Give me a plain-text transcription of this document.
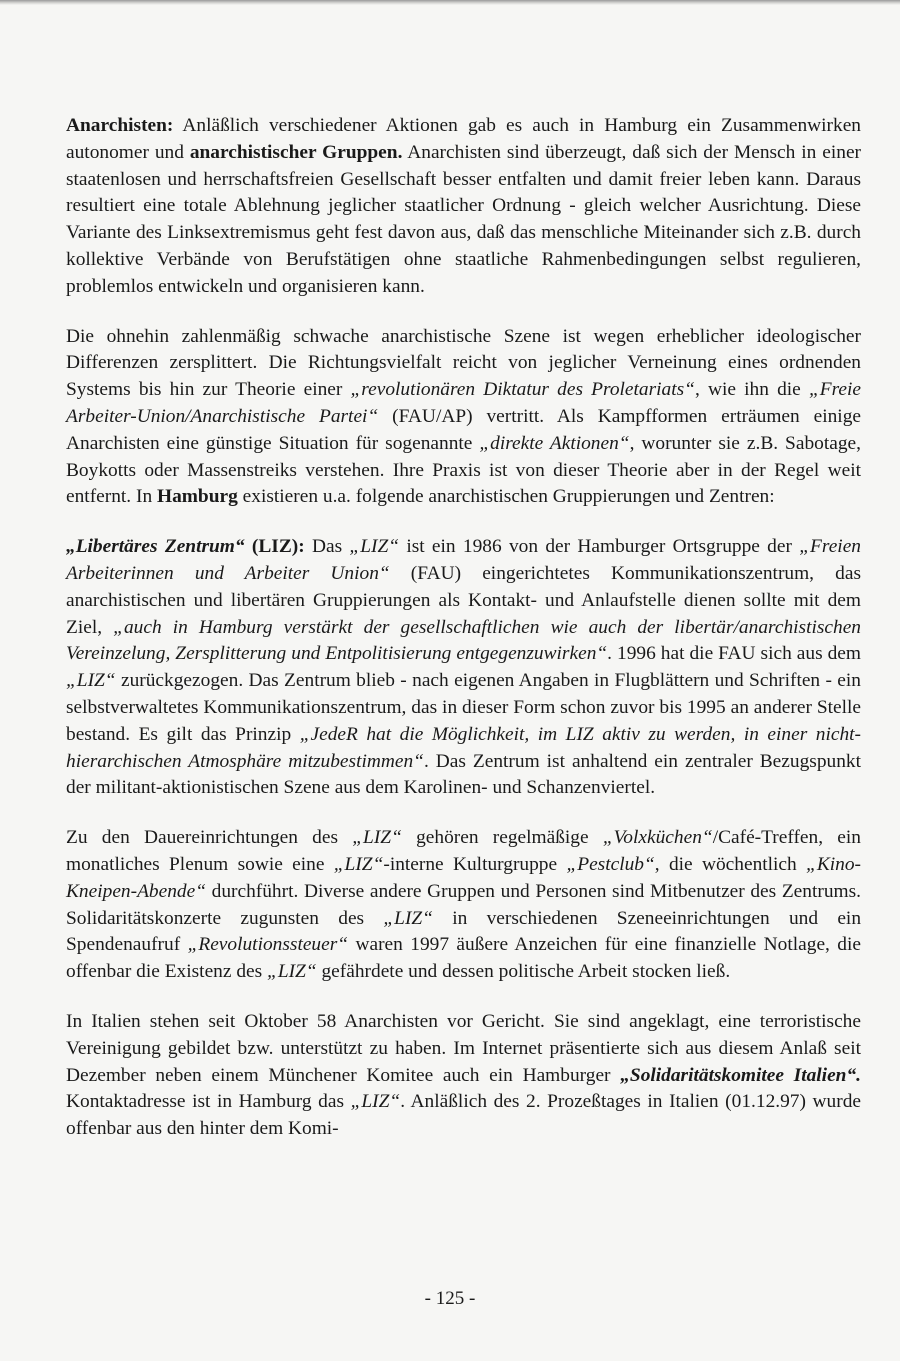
Anarchisten: Anläßlich verschiedener Aktionen gab es auch in Hamburg ein Zusammenwirken autonomer und anarchistischer Gruppen. Anarchisten sind überzeugt, daß sich der Mensch in einer staatenlosen und herrschaftsfreien Gesellschaft besser entfalten und damit freier leben kann. Daraus resultiert eine totale Ablehnung jeglicher staatlicher Ordnung - gleich welcher Ausrichtung. Diese Variante des Linksextremismus geht fest davon aus, daß das menschliche Miteinander sich z.B. durch kollektive Verbände von Berufstätigen ohne staatliche Rahmenbedingungen selbst regulieren, problemlos entwickeln und organisieren kann.

Die ohnehin zahlenmäßig schwache anarchistische Szene ist wegen erheblicher ideologischer Differenzen zersplittert. Die Richtungsvielfalt reicht von jeglicher Verneinung eines ordnenden Systems bis hin zur Theorie einer „revolutionären Diktatur des Proletariats“, wie ihn die „Freie Arbeiter-Union/Anarchistische Partei“ (FAU/AP) vertritt. Als Kampfformen erträumen einige Anarchisten eine günstige Situation für sogenannte „direkte Aktionen“, worunter sie z.B. Sabotage, Boykotts oder Massenstreiks verstehen. Ihre Praxis ist von dieser Theorie aber in der Regel weit entfernt. In Hamburg existieren u.a. folgende anarchistischen Gruppierungen und Zentren:

„Libertäres Zentrum“ (LIZ): Das „LIZ“ ist ein 1986 von der Hamburger Ortsgruppe der „Freien Arbeiterinnen und Arbeiter Union“ (FAU) eingerichtetes Kommunikationszentrum, das anarchistischen und libertären Gruppierungen als Kontakt- und Anlaufstelle dienen sollte mit dem Ziel, „auch in Hamburg verstärkt der gesellschaftlichen wie auch der libertär/anarchistischen Vereinzelung, Zersplitterung und Entpolitisierung entgegenzuwirken“. 1996 hat die FAU sich aus dem „LIZ“ zurückgezogen. Das Zentrum blieb - nach eigenen Angaben in Flugblättern und Schriften - ein selbstverwaltetes Kommunikationszentrum, das in dieser Form schon zuvor bis 1995 an anderer Stelle bestand. Es gilt das Prinzip „JedeR hat die Möglichkeit, im LIZ aktiv zu werden, in einer nicht-hierarchischen Atmosphäre mitzubestimmen“. Das Zentrum ist anhaltend ein zentraler Bezugspunkt der militant-aktionistischen Szene aus dem Karolinen- und Schanzenviertel.

Zu den Dauereinrichtungen des „LIZ“ gehören regelmäßige „Volxküchen“/Café-Treffen, ein monatliches Plenum sowie eine „LIZ“-interne Kulturgruppe „Pestclub“, die wöchentlich „Kino-Kneipen-Abende“ durchführt. Diverse andere Gruppen und Personen sind Mitbenutzer des Zentrums. Solidaritätskonzerte zugunsten des „LIZ“ in verschiedenen Szeneeinrichtungen und ein Spendenaufruf „Revolutionssteuer“ waren 1997 äußere Anzeichen für eine finanzielle Notlage, die offenbar die Existenz des „LIZ“ gefährdete und dessen politische Arbeit stocken ließ.

In Italien stehen seit Oktober 58 Anarchisten vor Gericht. Sie sind angeklagt, eine terroristische Vereinigung gebildet bzw. unterstützt zu haben. Im Internet präsentierte sich aus diesem Anlaß seit Dezember neben einem Münchener Komitee auch ein Hamburger „Solidaritätskomitee Italien“. Kontaktadresse ist in Hamburg das „LIZ“. Anläßlich des 2. Prozeßtages in Italien (01.12.97) wurde offenbar aus den hinter dem Komi-

- 125 -
